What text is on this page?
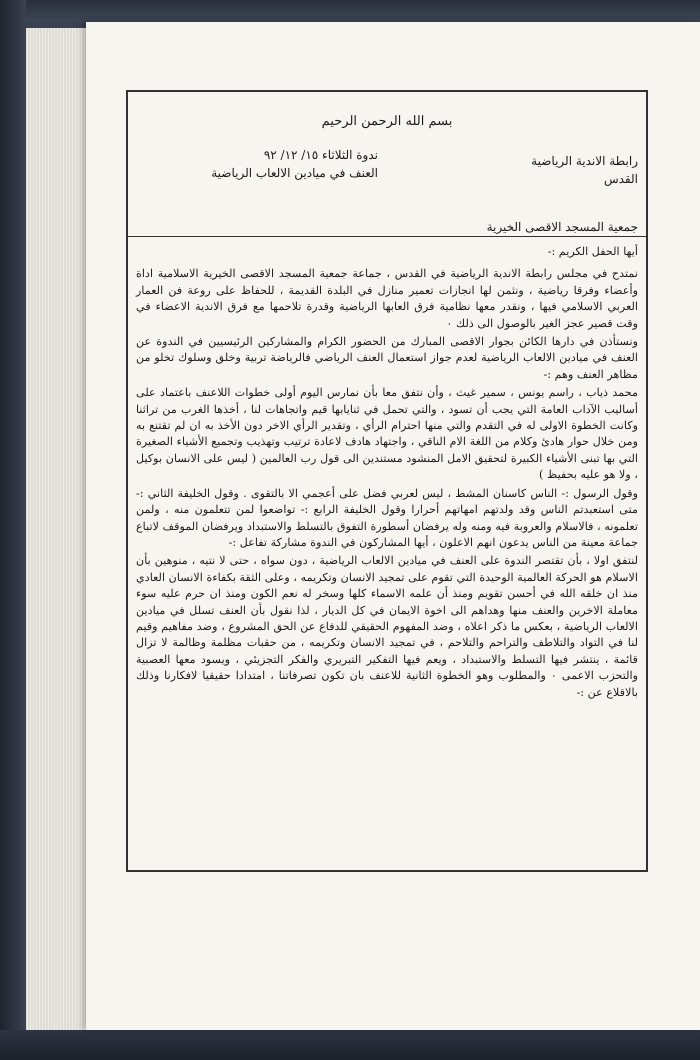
بسم الله الرحمن الرحيم
رابطة الاندية الرياضية
القدس
ندوة الثلاثاء ١٥/ ١٢/ ٩٢
العنف في ميادين الالعاب الرياضية
جمعية المسجد الاقصى الخيرية

أيها الحفل الكريم :-

نمتدح في مجلس رابطة الاندية الرياضية في القدس ، جماعة جمعية المسجد الاقصى الخيرية الاسلامية اداة وأعضاء وفرقا رياضية ، ونثمن لها انجازات تعمير منازل في البلدة القديمة ، للحفاظ على روعة فن العمار العربي الاسلامي فيها ، ونقدر معها نظامية فرق العابها الرياضية وقدرة تلاحمها مع فرق الاندية الاعضاء في وقت قصير عجز الغير بالوصول الى ذلك ٠

ونستأذن في دارها الكائن بجوار الاقصى المبارك من الحضور الكرام والمشاركين الرئيسيين في الندوة عن العنف في ميادين الالعاب الرياضية لعدم جواز استعمال العنف الرياضي فالرياضة تربية وخلق وسلوك تخلو من مظاهر العنف وهم :-

محمد ذياب ، راسم يونس ، سمير غيث ، وأن نتفق معا بأن نمارس اليوم أولى خطوات اللاعنف باعتماد على أساليب الآداب العامة التي يجب أن تسود ، والتي تحمل في ثنايابها قيم واتجاهات لنا ، أخذها الغرب من تراثنا وكانت الخطوة الاولى له في التقدم والتي منها احترام الرأي ، وتقدير الرأي الاخر دون الأخذ به ان لم تقتنع به ومن خلال حوار هادئ وكلام من اللغة الام الناقي ، واجتهاد هادف لاعادة ترتيب وتهذيب وتجميع الأشياء الصغيرة التي بها تبنى الأشياء الكبيرة لتحقيق الامل المنشود مستندين الى قول رب العالمين ( ليس على الانسان بوكيل ، ولا هو عليه بحفيظ )

وقول الرسول :- الناس كاسنان المشط ، ليس لعربي فضل على أعجمي الا بالتقوى . وقول الخليفة الثاني :- متى استعبدتم الناس وقد ولدتهم امهاتهم أحرارا وقول الخليفة الرابع :- تواضعوا لمن تتعلمون منه ، ولمن تعلمونه ، فالاسلام والعروبة فيه ومنه وله يرفضان أسطورة التفوق بالتسلط والاستبداد ويرفضان الموقف لاتباع جماعة معينة من الناس يدعون انهم الاعلون ، أيها المشاركون في الندوة مشاركة تفاعل :-

لنتفق اولا ، بأن تقتصر الندوة على العنف في ميادين الالعاب الرياضية ، دون سواه ، حتى لا نتيه ، منوهين بأن الاسلام هو الحركة العالمية الوحيدة التي تقوم على تمجيد الانسان وتكريمه ، وعلى الثقة بكفاءة الانسان العادي منذ ان خلقه الله في أحسن تقويم ومنذ أن علمه الاسماء كلها وسخر له نعم الكون ومنذ ان حرم عليه سوء معاملة الاخرين والعنف منها وهداهم الى اخوة الايمان في كل الديار ، لذا نقول بأن العنف تسلل في ميادين الالعاب الرياضية ، بعكس ما ذكر اعلاه ، وضد المفهوم الحقيقي للدفاع عن الحق المشروع ، وضد مفاهيم وقيم لنا في التواد والتلاطف والتراحم والتلاحم ، في تمجيد الانسان وتكريمه ، من حقبات مظلمة وظالمة لا تزال قائمة ، ينتشر فيها التسلط والاستبداد ، ويعم فيها التفكير التبريري والفكر التجزيئي ، ويسود معها العصبية والتحزب الاعمى ٠ والمطلوب وهو الخطوة الثانية للاعنف بان تكون تصرفاتنا ، امتدادا حقيقيا لافكارنا وذلك بالاقلاع عن :-
